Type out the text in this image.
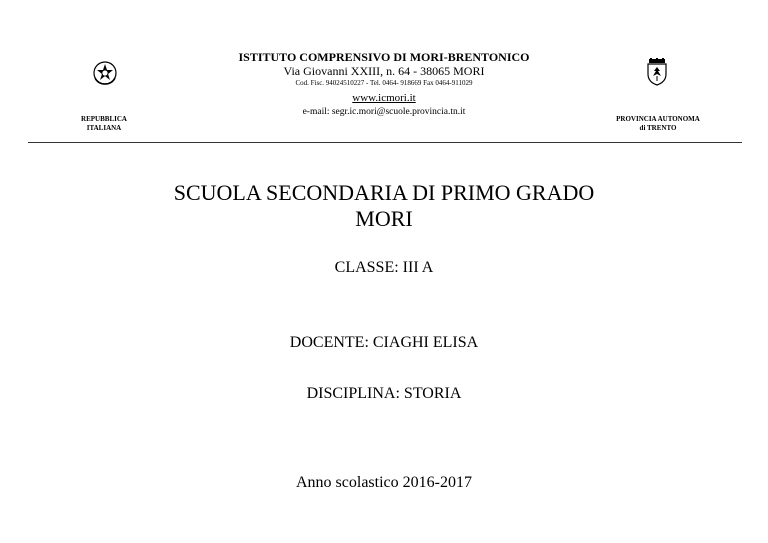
ISTITUTO COMPRENSIVO DI MORI-BRENTONICO
Via Giovanni XXIII, n. 64 - 38065 MORI
Cod. Fisc. 94024510227 - Tel. 0464- 918669 Fax 0464-911029
www.icmori.it
e-mail: segr.ic.mori@scuole.provincia.tn.it
REPUBBLICA
ITALIANA
PROVINCIA AUTONOMA
di TRENTO
SCUOLA SECONDARIA DI PRIMO GRADO
MORI
CLASSE: III A
DOCENTE: CIAGHI ELISA
DISCIPLINA: STORIA
Anno scolastico 2016-2017
